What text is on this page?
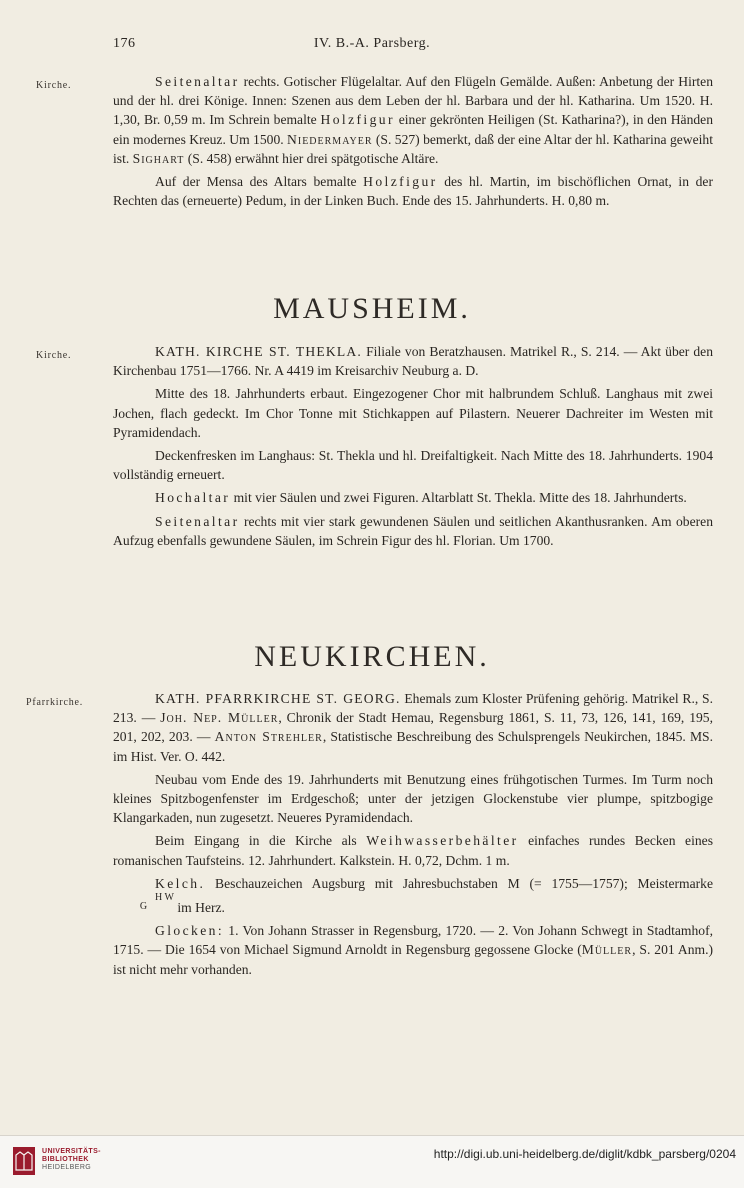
176	IV. B.-A. Parsberg.
Kirche.	Seitenaltar rechts. Gotischer Flügelaltar. Auf den Flügeln Gemälde. Außen: Anbetung der Hirten und der hl. drei Könige. Innen: Szenen aus dem Leben der hl. Barbara und der hl. Katharina. Um 1520. H. 1,30, Br. 0,59 m. Im Schrein bemalte Holzfigur einer gekrönten Heiligen (St. Katharina?), in den Händen ein modernes Kreuz. Um 1500. Niedermayer (S. 527) bemerkt, daß der eine Altar der hl. Katharina geweiht ist. Sighart (S. 458) erwähnt hier drei spätgotische Altäre.

Auf der Mensa des Altars bemalte Holzfigur des hl. Martin, im bischöflichen Ornat, in der Rechten das (erneuerte) Pedum, in der Linken Buch. Ende des 15. Jahrhunderts. H. 0,80 m.

MAUSHEIM.
Kirche.	KATH. KIRCHE ST. THEKLA. Filiale von Beratzhausen. Matrikel R., S. 214. — Akt über den Kirchenbau 1751—1766. Nr. A 4419 im Kreisarchiv Neuburg a. D.

Mitte des 18. Jahrhunderts erbaut. Eingezogener Chor mit halbrundem Schluß. Langhaus mit zwei Jochen, flach gedeckt. Im Chor Tonne mit Stichkappen auf Pilastern. Neuerer Dachreiter im Westen mit Pyramidendach.

Deckenfresken im Langhaus: St. Thekla und hl. Dreifaltigkeit. Nach Mitte des 18. Jahrhunderts. 1904 vollständig erneuert.

Hochaltar mit vier Säulen und zwei Figuren. Altarblatt St. Thekla. Mitte des 18. Jahrhunderts.

Seitenaltar rechts mit vier stark gewundenen Säulen und seitlichen Akanthusranken. Am oberen Aufzug ebenfalls gewundene Säulen, im Schrein Figur des hl. Florian. Um 1700.

NEUKIRCHEN.
Pfarrkirche.	KATH. PFARRKIRCHE ST. GEORG. Ehemals zum Kloster Prüfening gehörig. Matrikel R., S. 213. — Joh. Nep. Müller, Chronik der Stadt Hemau, Regensburg 1861, S. 11, 73, 126, 141, 169, 195, 201, 202, 203. — Anton Strehler, Statistische Beschreibung des Schulsprengels Neukirchen, 1845. MS. im Hist. Ver. O. 442.

Neubau vom Ende des 19. Jahrhunderts mit Benutzung eines frühgotischen Turmes. Im Turm noch kleines Spitzbogenfenster im Erdgeschoß; unter der jetzigen Glockenstube vier plumpe, spitzbogige Klangarkaden, nun zugesetzt. Neueres Pyramidendach.

Beim Eingang in die Kirche als Weihwasserbehälter einfaches rundes Becken eines romanischen Taufsteins. 12. Jahrhundert. Kalkstein. H. 0,72, Dchm. 1 m.

Kelch. Beschauzeichen Augsburg mit Jahresbuchstaben M (= 1755—1757); Meistermarke H W
G im Herz.

Glocken: 1. Von Johann Strasser in Regensburg, 1720. — 2. Von Johann Schwegt in Stadtamhof, 1715. — Die 1654 von Michael Sigmund Arnoldt in Regensburg gegossene Glocke (Müller, S. 201 Anm.) ist nicht mehr vorhanden.

UNIVERSITÄTS-
BIBLIOTHEK
HEIDELBERG
http://digi.ub.uni-heidelberg.de/diglit/kdbk_parsberg/0204
